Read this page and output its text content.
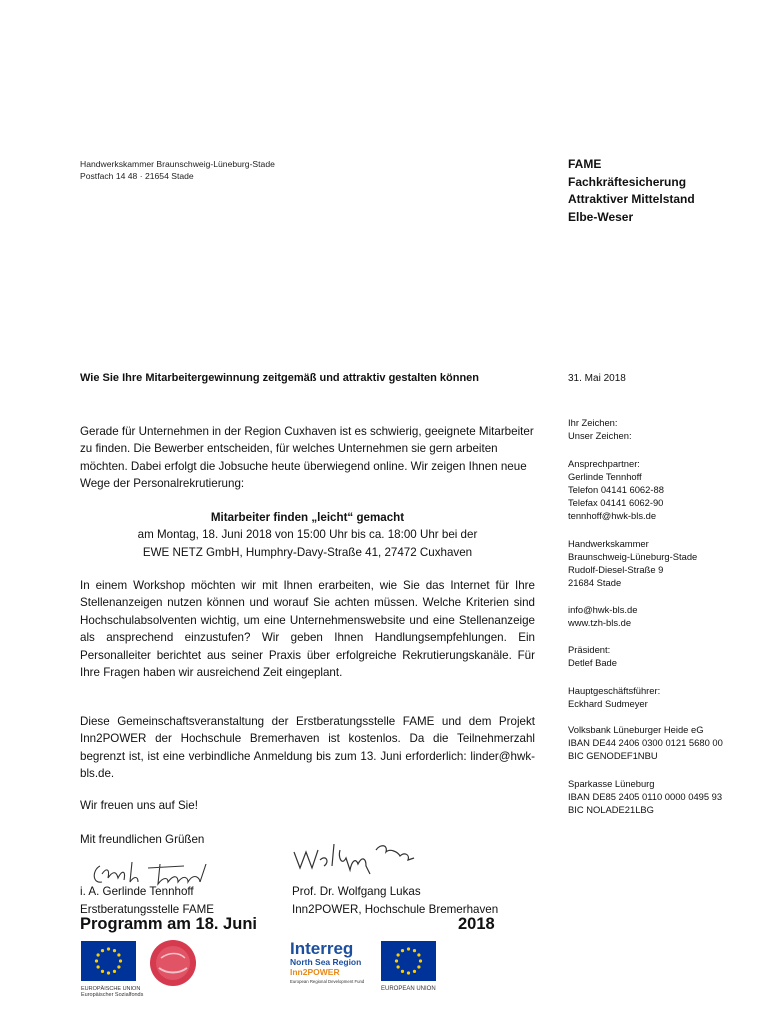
Handwerkskammer Braunschweig-Lüneburg-Stade
Postfach 14 48 · 21654 Stade
FAME
Fachkräftesicherung
Attraktiver Mittelstand
Elbe-Weser
Wie Sie Ihre Mitarbeitergewinnung zeitgemäß und attraktiv gestalten können	31. Mai 2018
Gerade für Unternehmen in der Region Cuxhaven ist es schwierig, geeignete Mitarbeiter zu finden. Die Bewerber entscheiden, für welches Unternehmen sie gern arbeiten möchten. Dabei erfolgt die Jobsuche heute überwiegend online. Wir zeigen Ihnen neue Wege der Personalrekrutierung:
Mitarbeiter finden „leicht“ gemacht
am Montag, 18. Juni 2018 von 15:00 Uhr bis ca. 18:00 Uhr bei der
EWE NETZ GmbH, Humphry-Davy-Straße 41, 27472 Cuxhaven
In einem Workshop möchten wir mit Ihnen erarbeiten, wie Sie das Internet für Ihre Stellenanzeigen nutzen können und worauf Sie achten müssen. Welche Kriterien sind Hochschulabsolventen wichtig, um eine Unternehmenswebsite und eine Stellenanzeige als ansprechend einzustufen? Wir geben Ihnen Handlungsempfehlungen. Ein Personalleiter berichtet aus seiner Praxis über erfolgreiche Rekrutierungskanäle. Für Ihre Fragen haben wir ausreichend Zeit eingeplant.
Diese Gemeinschaftsveranstaltung der Erstberatungsstelle FAME und dem Projekt Inn2POWER der Hochschule Bremerhaven ist kostenlos. Da die Teilnehmerzahl begrenzt ist, ist eine verbindliche Anmeldung bis zum 13. Juni erforderlich: linder@hwk-bls.de.
Wir freuen uns auf Sie!
Mit freundlichen Grüßen
Ihr Zeichen:
Unser Zeichen:
Ansprechpartner:
Gerlinde Tennhoff
Telefon 04141 6062-88
Telefax 04141 6062-90
tennhoff@hwk-bls.de
Handwerkskammer
Braunschweig-Lüneburg-Stade
Rudolf-Diesel-Straße 9
21684 Stade
info@hwk-bls.de
www.tzh-bls.de
Präsident:
Detlef Bade
Hauptgeschäftsführer:
Eckhard Sudmeyer
Volksbank Lüneburger Heide eG
IBAN DE44 2406 0300 0121 5680 00
BIC GENODEF1NBU
Sparkasse Lüneburg
IBAN DE85 2405 0110 0000 0495 93
BIC NOLADE21LBG
i. A. Gerlinde Tennhoff
Erstberatungsstelle FAME
Prof. Dr. Wolfgang Lukas
Inn2POWER, Hochschule Bremerhaven
Programm am 18. Juni	2018
EUROPÄISCHE UNION
Europäischer Sozialfonds
Interreg
North Sea Region
Inn2POWER
European Regional Development Fund
EUROPEAN UNION
